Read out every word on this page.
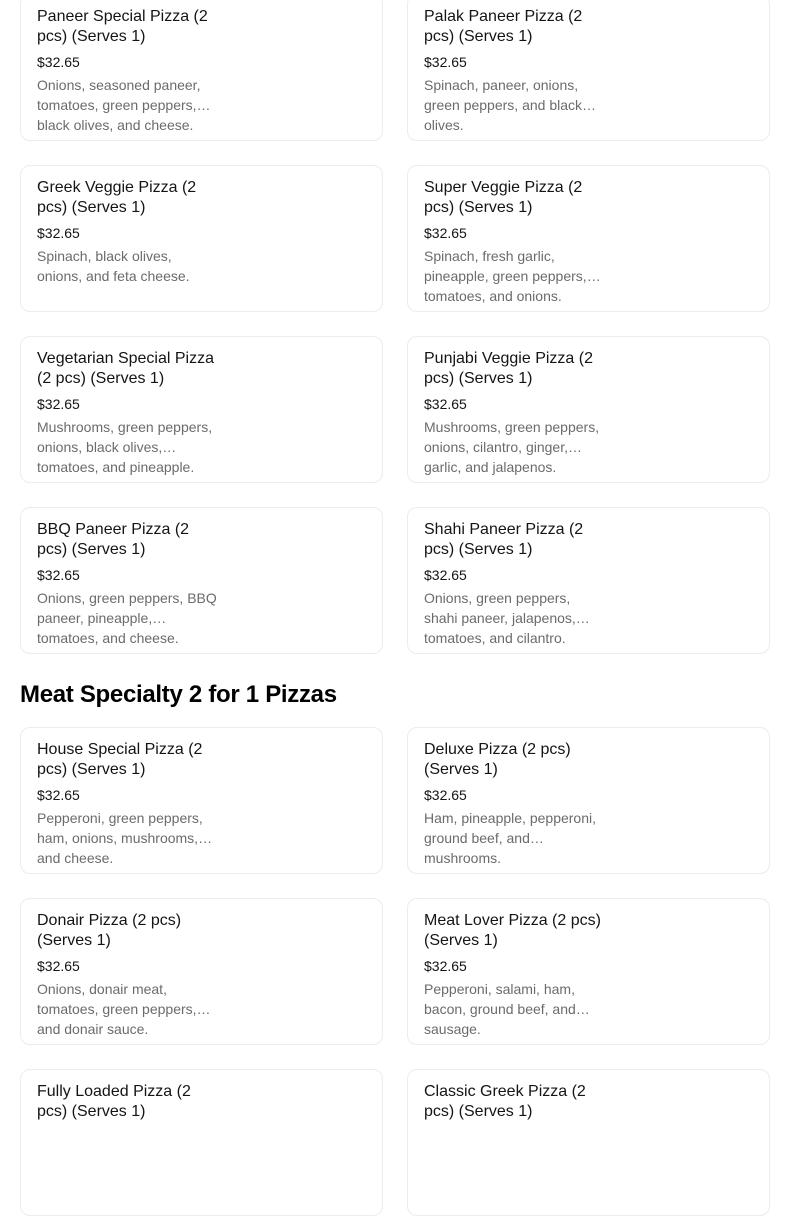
Paneer Special Pizza (2 pcs) (Serves 1)
$32.65
Onions, seasoned paneer, tomatoes, green peppers, black olives, and cheese.
Palak Paneer Pizza (2 pcs) (Serves 1)
$32.65
Spinach, paneer, onions, green peppers, and black olives.
Greek Veggie Pizza (2 pcs) (Serves 1)
$32.65
Spinach, black olives, onions, and feta cheese.
Super Veggie Pizza (2 pcs) (Serves 1)
$32.65
Spinach, fresh garlic, pineapple, green peppers, tomatoes, and onions.
Vegetarian Special Pizza (2 pcs) (Serves 1)
$32.65
Mushrooms, green peppers, onions, black olives, tomatoes, and pineapple.
Punjabi Veggie Pizza (2 pcs) (Serves 1)
$32.65
Mushrooms, green peppers, onions, cilantro, ginger, garlic, and jalapenos.
BBQ Paneer Pizza (2 pcs) (Serves 1)
$32.65
Onions, green peppers, BBQ paneer, pineapple, tomatoes, and cheese.
Shahi Paneer Pizza (2 pcs) (Serves 1)
$32.65
Onions, green peppers, shahi paneer, jalapenos, tomatoes, and cilantro.
Meat Specialty 2 for 1 Pizzas
House Special Pizza (2 pcs) (Serves 1)
$32.65
Pepperoni, green peppers, ham, onions, mushrooms, and cheese.
Deluxe Pizza (2 pcs) (Serves 1)
$32.65
Ham, pineapple, pepperoni, ground beef, and mushrooms.
Donair Pizza (2 pcs) (Serves 1)
$32.65
Onions, donair meat, tomatoes, green peppers, and donair sauce.
Meat Lover Pizza (2 pcs) (Serves 1)
$32.65
Pepperoni, salami, ham, bacon, ground beef, and sausage.
Fully Loaded Pizza (2 pcs) (Serves 1)
Classic Greek Pizza (2 pcs) (Serves 1)
